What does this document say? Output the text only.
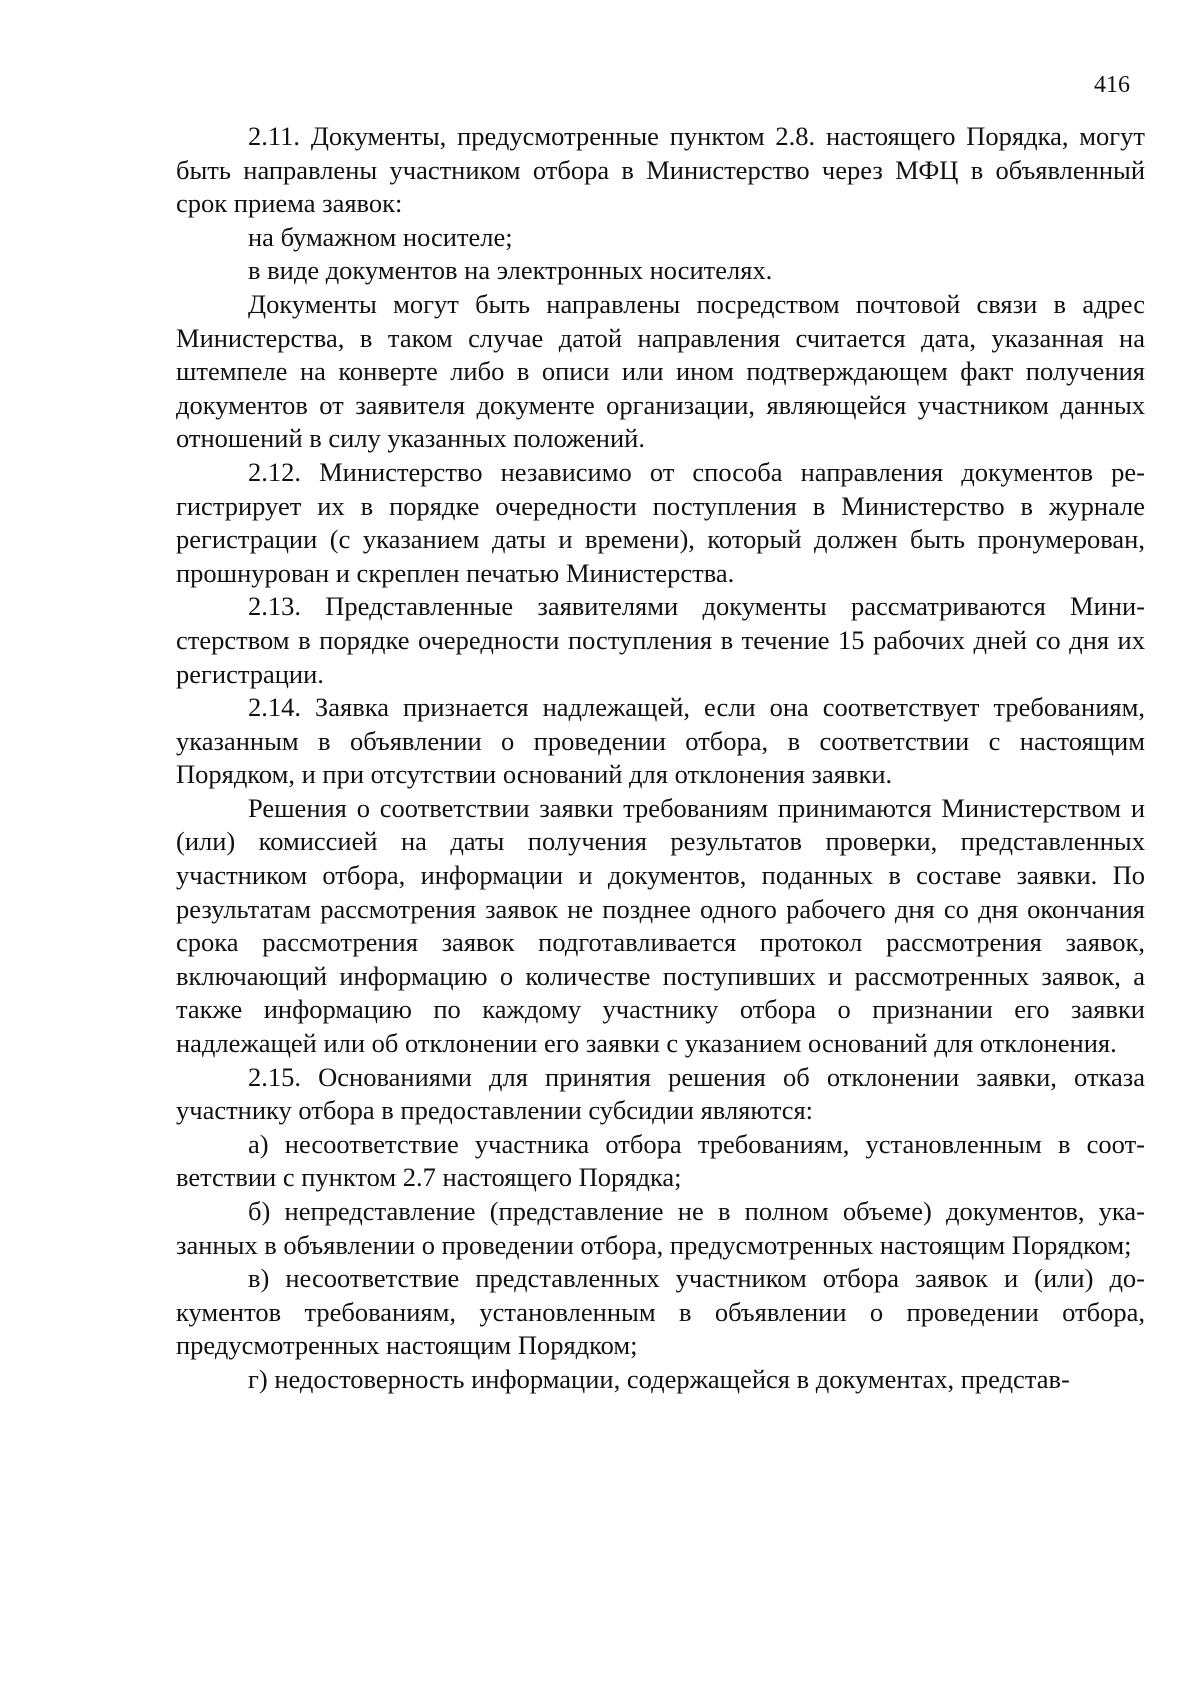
416

2.11. Документы, предусмотренные пунктом 2.8. настоящего Порядка, могут быть направлены участником отбора в Министерство через МФЦ в объявленный срок приема заявок:

на бумажном носителе;

в виде документов на электронных носителях.

Документы могут быть направлены посредством почтовой связи в адрес Министерства, в таком случае датой направления считается дата, указанная на штемпеле на конверте либо в описи или ином подтверждающем факт получения документов от заявителя документе организации, являющейся участником данных отношений в силу указанных положений.

2.12. Министерство независимо от способа направления документов регистрирует их в порядке очередности поступления в Министерство в журнале регистрации (с указанием даты и времени), который должен быть пронумерован, прошнурован и скреплен печатью Министерства.

2.13. Представленные заявителями документы рассматриваются Министерством в порядке очередности поступления в течение 15 рабочих дней со дня их регистрации.

2.14. Заявка признается надлежащей, если она соответствует требованиям, указанным в объявлении о проведении отбора, в соответствии с настоящим Порядком, и при отсутствии оснований для отклонения заявки.

Решения о соответствии заявки требованиям принимаются Министерством и (или) комиссией на даты получения результатов проверки, представленных участником отбора, информации и документов, поданных в составе заявки. По результатам рассмотрения заявок не позднее одного рабочего дня со дня окончания срока рассмотрения заявок подготавливается протокол рассмотрения заявок, включающий информацию о количестве поступивших и рассмотренных заявок, а также информацию по каждому участнику отбора о признании его заявки надлежащей или об отклонении его заявки с указанием оснований для отклонения.

2.15. Основаниями для принятия решения об отклонении заявки, отказа участнику отбора в предоставлении субсидии являются:

а) несоответствие участника отбора требованиям, установленным в соответствии с пунктом 2.7 настоящего Порядка;

б) непредставление (представление не в полном объеме) документов, указанных в объявлении о проведении отбора, предусмотренных настоящим Порядком;

в) несоответствие представленных участником отбора заявок и (или) документов требованиям, установленным в объявлении о проведении отбора, предусмотренных настоящим Порядком;

г) недостоверность информации, содержащейся в документах, представ-
